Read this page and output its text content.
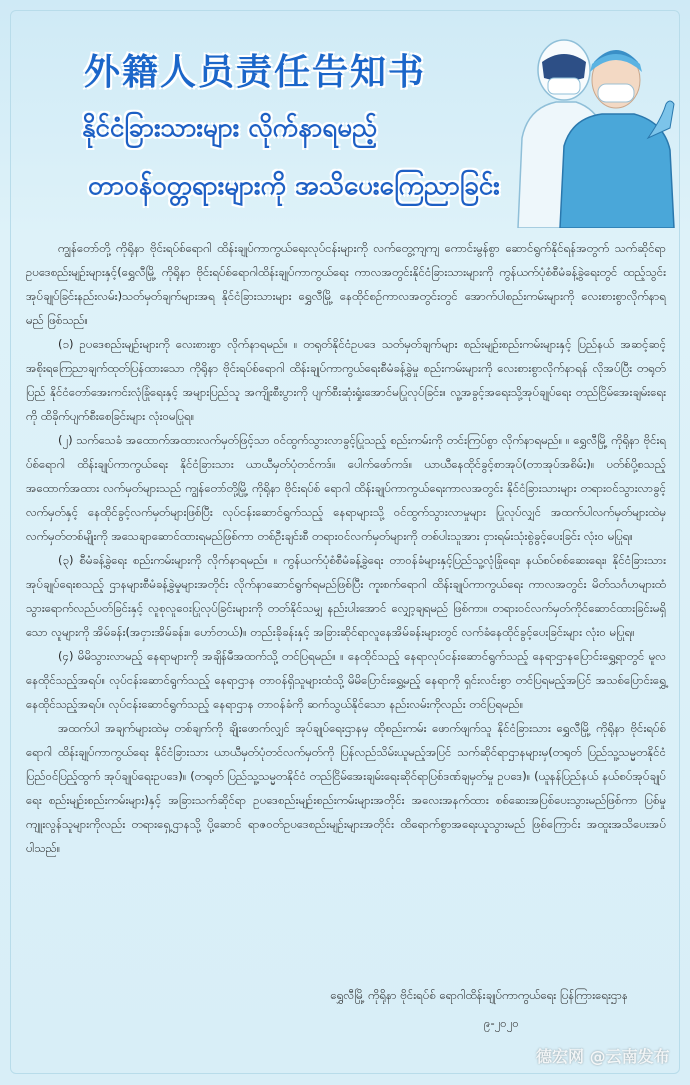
外籍人员责任告知书
နိုင်ငံခြားသားများ လိုက်နာရမည့်
တာဝန်ဝတ္တရားများကို အသိပေးကြေညာခြင်း

ကျွန်တော်တို့ ကိုရိုနာ ဗိုင်းရပ်စ်ရောဂါ ထိန်းချုပ်ကာကွယ်ရေးလုပ်ငန်းများကို လက်တွေ့ကျကျ ကောင်းမွန်စွာ ဆောင်ရွက်နိုင်ရန်အတွက် သက်ဆိုင်ရာဥပဒေစည်းမျဉ်းများနှင့်(ရွှေလီမြို့ ကိုရိုနာ ဗိုင်းရပ်စ်ရောဂါထိန်းချုပ်ကာကွယ်ရေး ကာလအတွင်းနိုင်ငံခြားသားများကို ကွန်ယက်ပုံစံစီမံခန့်ခွဲရေးတွင် ထည့်သွင်းအုပ်ချုပ်ခြင်းနည်းလမ်း)သတ်မှတ်ချက်များအရ နိုင်ငံခြားသားများ ရွှေလီမြို့ နေထိုင်စဉ်ကာလအတွင်းတွင် အောက်ပါစည်းကမ်းများကို လေးစားစွာလိုက်နာရမည် ဖြစ်သည်။

(၁) ဥပဒေစည်းမျဉ်းများကို လေးစားစွာ လိုက်နာရမည်။ ။ တရုတ်နိုင်ငံဥပဒေ သတ်မှတ်ချက်များ စည်းမျဉ်းစည်းကမ်းများနှင့် ပြည်နယ် အဆင့်ဆင့် အစိုးရကြေညာချက်ထုတ်ပြန်ထားသော ကိုရိုနာ ဗိုင်းရပ်စ်ရောဂါ ထိန်းချုပ်ကာကွယ်ရေးစီမံခန့်ခွဲမှု စည်းကမ်းများကို လေးစားစွာလိုက်နာရန် လိုအပ်ပြီး တရုတ်ပြည် နိုင်ငံတော်အေးကင်းလုံခြုံရေးနှင့် အများပြည်သူ အကျိုးစီးပွားကို ပျက်စီးဆုံးရှုံးအောင်မပြုလုပ်ခြင်း။ လူ့အခွင့်အရေးသို့အုပ်ချုပ်ရေး တည်ငြိမ်အေးချမ်းရေးကို ထိခိုက်ပျက်စီးစေခြင်းများ လုံးဝမပြုရ။

(၂) သက်သေခံ အထောက်အထားလက်မှတ်ဖြင့်သာ ဝင်ထွက်သွားလာခွင့်ပြုသည့် စည်းကမ်းကို တင်းကြပ်စွာ လိုက်နာရမည်။ ။ ရွှေလီမြို့ ကိုရိုနာ ဗိုင်းရပ်စ်ရောဂါ ထိန်းချုပ်ကာကွယ်ရေး နိုင်ငံခြားသား ယာယီမှတ်ပုံတင်ကဒ်။ ပေါက်ဖော်ကဒ်။ ယာယီနေထိုင်ခွင့်စာအုပ်(တာအုပ်အစိမ်း)။ ပတ်စ်ပို့စသည့် အထောက်အထား လက်မှတ်များသည် ကျွန်တော်တို့မြို့ ကိုရိုနာ ဗိုင်းရပ်စ် ရောဂါ ထိန်းချုပ်ကာကွယ်ရေးကာလအတွင်း နိုင်ငံခြားသားများ တရားဝင်သွားလာခွင့် လက်မှတ်နှင့် နေထိုင်ခွင့်လက်မှတ်များဖြစ်ပြီး လုပ်ငန်းဆောင်ရွက်သည့် နေရာများသို့ ဝင်ထွက်သွားလာမှုများ ပြုလုပ်လျှင် အထက်ပါလက်မှတ်များထဲမှ လက်မှတ်တစ်မျိုးကို အသေချာဆောင်ထားရမည်ဖြစ်ကာ တစ်ဦးချင်းစီ တရားဝင်လက်မှတ်များကို တစ်ပါးသူအား ငှားရမ်းသုံးစွဲခွင့်ပေးခြင်း လုံးဝ မပြုရ။

(၃) စီမံခန့်ခွဲရေး စည်းကမ်းများကို လိုက်နာရမည်။ ။ ကွန်ယက်ပုံစံစီမံခန့်ခွဲရေး တာဝန်ခံများနှင့်ပြည်သူ့လုံခြုံရေး၊ နယ်စပ်စစ်ဆေးရေး၊ နိုင်ငံခြားသား အုပ်ချုပ်ရေးစသည့် ဌာနများစီမံခန့်ခွဲမှုများအတိုင်း လိုက်နာဆောင်ရွက်ရမည်ဖြစ်ပြီး ကူးစက်ရောဂါ ထိန်းချုပ်ကာကွယ်ရေး ကာလအတွင်း မိတ်သင်္ဂဟများထံ သွားရောက်လည်ပတ်ခြင်းနှင့် လူစုလူဝေးပြုလုပ်ခြင်းများကို တတ်နိုင်သမျှ နည်းပါးအောင် လျှော့ချရမည် ဖြစ်ကာ။ တရားဝင်လက်မှတ်ကိုင်ဆောင်ထားခြင်းမရှိသော လူများကို အိမ်ခန်း(အငှားအိမ်ခန်း။ ဟော်တယ်)။ တည်းခိုခန်းနှင့် အခြားဆိုင်ရာလူနေအိမ်ခန်းများတွင် လက်ခံနေထိုင်ခွင့်ပေးခြင်းများ လုံးဝ မပြုရ။

(၄) မိမိသွားလာမည့် နေရာများကို အချိန်မီအထက်သို့ တင်ပြရမည်။ ။ နေထိုင်သည့် နေရာလုပ်ငန်းဆောင်ရွက်သည့် နေရာဌာနပြောင်းရွှေ့ရာတွင် မူလနေထိုင်သည့်အရပ်။ လုပ်ငန်းဆောင်ရွက်သည့် နေရာဌာန တာဝန်ရှိသူများထံသို့ မိမိပြောင်းရွှေ့မည့် နေရာကို ရှင်းလင်းစွာ တင်ပြရမည့်အပြင် အသစ်ပြောင်းရွှေ့နေထိုင်သည့်အရပ်။ လုပ်ငန်းဆောင်ရွက်သည့် နေရာဌာန တာဝန်ခံကို ဆက်သွယ်နိုင်သော နည်းလမ်းကိုလည်း တင်ပြရမည်။

အထက်ပါ အချက်များထဲမှ တစ်ချက်ကို ချိုးဖောက်လျှင် အုပ်ချုပ်ရေးဌာနမှ ထိုစည်းကမ်း ဖောက်ဖျက်သူ နိုင်ငံခြားသား ရွှေလီမြို့ ကိုရိုနာ ဗိုင်းရပ်စ်ရောဂါ ထိန်းချုပ်ကာကွယ်ရေး နိုင်ငံခြားသား ယာယီမှတ်ပုံတင်လက်မှတ်ကို ပြန်လည်သိမ်းယူမည့်အပြင် သက်ဆိုင်ရာဌာနများမှ(တရုတ် ပြည်သူ့သမ္မတနိုင်ငံပြည်ဝင်ပြည့်ထွက် အုပ်ချုပ်ရေးဥပဒေ)။ (တရုတ် ပြည်သူ့သမ္မတနိုင်ငံ တည်ငြိမ်အေးချမ်းရေးဆိုင်ရာပြစ်ဒဏ်ချမှတ်မှု ဥပဒေ)။ (ယူနန်ပြည်နယ် နယ်စပ်အုပ်ချုပ်ရေး စည်းမျဉ်းစည်းကမ်းများ)နှင့် အခြားသက်ဆိုင်ရာ ဥပဒေစည်းမျဉ်းစည်းကမ်းများအတိုင်း အလေးအနက်ထား စစ်ဆေးအပြစ်ပေးသွားမည်ဖြစ်ကာ ပြစ်မှုကျူးလွန်သူများကိုလည်း တရားရှေ့ဌာနသို့ ပို့ဆောင် ရာဇဝတ်ဥပဒေစည်းမျဉ်းများအတိုင်း ထိရောက်စွာအရေးယူသွားမည် ဖြစ်ကြောင်း အထူးအသိပေးအပ်ပါသည်။

ရွှေလီမြို့ ကိုရိုနာ ဗိုင်းရပ်စ် ရောဂါထိန်းချုပ်ကာကွယ်ရေး ပြန်ကြားရေးဌာန
၉-၂၀၂၀
德宏网 @云南发布
